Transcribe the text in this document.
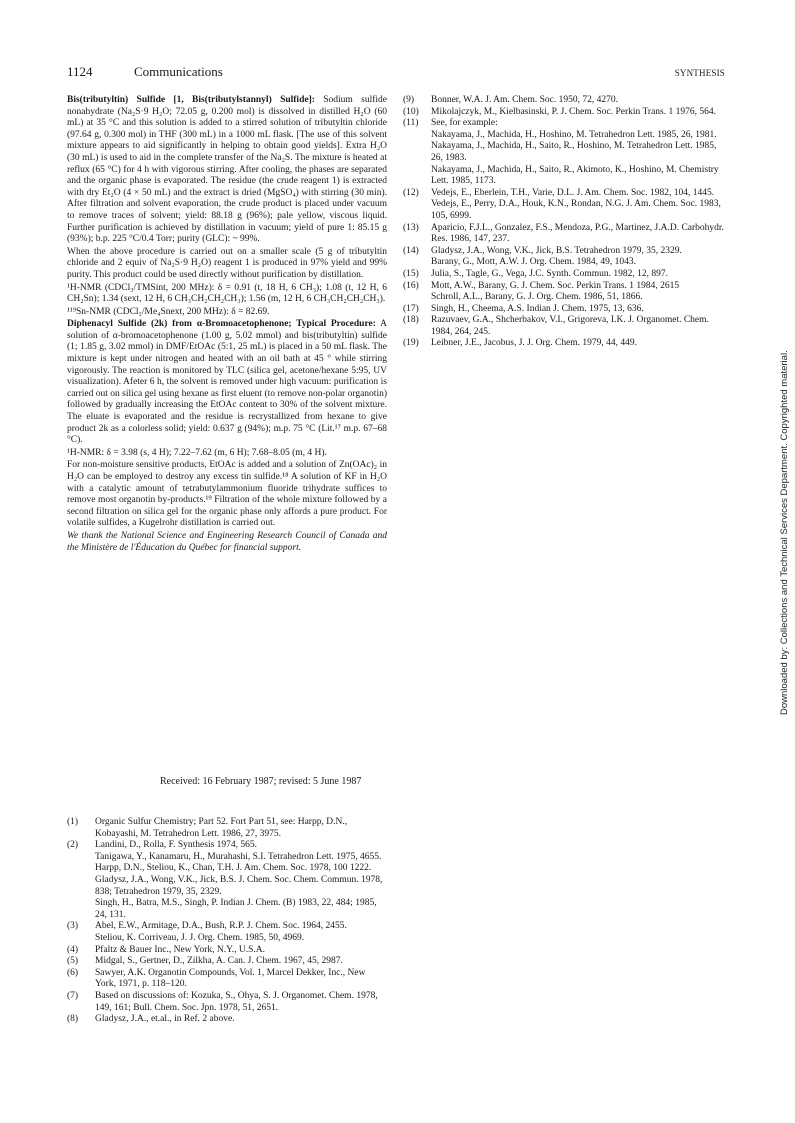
1124	Communications	SYNTHESIS

Bis(tributyltin) Sulfide [1, Bis(tributylstannyl) Sulfide]: Sodium sulfide nonahydrate (Na₂S·9 H₂O; 72.05 g, 0.200 mol) is dissolved in distilled H₂O (60 mL) at 35 °C and this solution is added to a stirred solution of tributyltin chloride (97.64 g, 0.300 mol) in THF (300 mL) in a 1000 mL flask. [The use of this solvent mixture appears to aid significantly in helping to obtain good yields]. Extra H₂O (30 mL) is used to aid in the complete transfer of the Na₂S. The mixture is heated at reflux (65 °C) for 4 h with vigorous stirring. After cooling, the phases are separated and the organic phase is evaporated. The residue (the crude reagent 1) is extracted with dry Et₂O (4 × 50 mL) and the extract is dried (MgSO₄) with stirring (30 min). After filtration and solvent evaporation, the crude product is placed under vacuum to remove traces of solvent; yield: 88.18 g (96%); pale yellow, viscous liquid. Further purification is achieved by distillation in vacuum; yield of pure 1: 85.15 g (93%); b.p. 225 °C/0.4 Torr; purity (GLC): ~ 99%.

When the above procedure is carried out on a smaller scale (5 g of tributyltin chloride and 2 equiv of Na₂S·9 H₂O) reagent 1 is produced in 97% yield and 99% purity. This product could be used directly without purification by distillation.

¹H-NMR (CDCl₃/TMSint, 200 MHz): δ = 0.91 (t, 18 H, 6 CH₃); 1.08 (t, 12 H, 6 CH₂Sn); 1.34 (sext, 12 H, 6 CH₃CH₂CH₂CH₃); 1.56 (m, 12 H, 6 CH₃CH₂CH₂CH₃).

¹¹⁹Sn-NMR (CDCl₃/Me₄Snext, 200 MHz): δ = 82.69.

Diphenacyl Sulfide (2k) from α-Bromoacetophenone; Typical Procedure: A solution of α-bromoacetophenone (1.00 g, 5.02 mmol) and bis(tributyltin) sulfide (1; 1.85 g, 3.02 mmol) in DMF/EtOAc (5:1, 25 mL) is placed in a 50 mL flask. The mixture is kept under nitrogen and heated with an oil bath at 45 ° while stirring vigorously. The reaction is monitored by TLC (silica gel, acetone/hexane 5:95, UV visualization). Afeter 6 h, the solvent is removed under high vacuum: purification is carried out on silica gel using hexane as first eluent (to remove non-polar organotin) followed by gradually increasing the EtOAc content to 30% of the solvent mixture. The eluate is evaporated and the residue is recrystallized from hexane to give product 2k as a colorless solid; yield: 0.637 g (94%); m.p. 75 °C (Lit.¹⁷ m.p. 67–68 °C).

¹H-NMR: δ = 3.98 (s, 4 H); 7.22–7.62 (m, 6 H); 7.68–8.05 (m, 4 H).

For non-moisture sensitive products, EtOAc is added and a solution of Zn(OAc)₂ in H₂O can be employed to destroy any excess tin sulfide.¹⁸ A solution of KF in H₂O with a catalytic amount of tetrabutylammonium fluoride trihydrate suffices to remove most organotin by-products.¹⁹ Filtration of the whole mixture followed by a second filtration on silica gel for the organic phase only affords a pure product. For volatile sulfides, a Kugelrohr distillation is carried out.

We thank the National Science and Engineering Research Council of Canada and the Ministère de l'Éducation du Québec for financial support.

Received: 16 February 1987; revised: 5 June 1987
(1)	Organic Sulfur Chemistry; Part 52. Fort Part 51, see: Harpp, D.N., Kobayashi, M. Tetrahedron Lett. 1986, 27, 3975.
(2)	Landini, D., Rolla, F. Synthesis 1974, 565.
Tanigawa, Y., Kanamaru, H., Murahashi, S.I. Tetrahedron Lett. 1975, 4655.
Harpp, D.N., Steliou, K., Chan, T.H. J. Am. Chem. Soc. 1978, 100 1222.
Gladysz, J.A., Wong, V.K., Jick, B.S. J. Chem. Soc. Chem. Commun. 1978, 838; Tetrahedron 1979, 35, 2329.
Singh, H., Batra, M.S., Singh, P. Indian J. Chem. (B) 1983, 22, 484; 1985, 24, 131.
(3)	Abel, E.W., Armitage, D.A., Bush, R.P. J. Chem. Soc. 1964, 2455.
Steliou, K. Corriveau, J. J. Org. Chem. 1985, 50, 4969.
(4)	Pfaltz & Bauer Inc., New York, N.Y., U.S.A.
(5)	Midgal, S., Gertner, D., Zilkha, A. Can. J. Chem. 1967, 45, 2987.
(6)	Sawyer, A.K. Organotin Compounds, Vol. 1, Marcel Dekker, Inc., New York, 1971, p. 118–120.
(7)	Based on discussions of: Kozuka, S., Ohya, S. J. Organomet. Chem. 1978, 149, 161; Bull. Chem. Soc. Jpn. 1978, 51, 2651.
(8)	Gladysz, J.A., et.al., in Ref. 2 above.
(9)	Bonner, W.A. J. Am. Chem. Soc. 1950, 72, 4270.
(10)	Mikolajczyk, M., Kielbasinski, P. J. Chem. Soc. Perkin Trans. 1 1976, 564.
(11)	See, for example:
Nakayama, J., Machida, H., Hoshino, M. Tetrahedron Lett. 1985, 26, 1981.
Nakayama, J., Machida, H., Saito, R., Hoshino, M. Tetrahedron Lett. 1985, 26, 1983.
Nakayama, J., Machida, H., Saito, R., Akimoto, K., Hoshino, M. Chemistry Lett. 1985, 1173.
(12)	Vedejs, E., Eberlein, T.H., Varie, D.L. J. Am. Chem. Soc. 1982, 104, 1445.
Vedejs, E., Perry, D.A., Houk, K.N., Rondan, N.G. J. Am. Chem. Soc. 1983, 105, 6999.
(13)	Aparicio, F.J.L., Gonzalez, F.S., Mendoza, P.G., Martinez, J.A.D. Carbohydr. Res. 1986, 147, 237.
(14)	Gladysz, J.A., Wong, V.K., Jick, B.S. Tetrahedron 1979, 35, 2329.
Barany, G., Mott, A.W. J. Org. Chem. 1984, 49, 1043.
(15)	Julia, S., Tagle, G., Vega, J.C. Synth. Commun. 1982, 12, 897.
(16)	Mott, A.W., Barany, G. J. Chem. Soc. Perkin Trans. 1 1984, 2615
Schroll, A.L., Barany, G. J. Org. Chem. 1986, 51, 1866.
(17)	Singh, H., Cheema, A.S. Indian J. Chem. 1975, 13, 636.
(18)	Razuvaev, G.A., Shcherbakov, V.I., Grigoreva, I.K. J. Organomet. Chem. 1984, 264, 245.
(19)	Leibner, J.E., Jacobus, J. J. Org. Chem. 1979, 44, 449.
Downloaded by: Collections and Technical Services Department. Copyrighted material.
